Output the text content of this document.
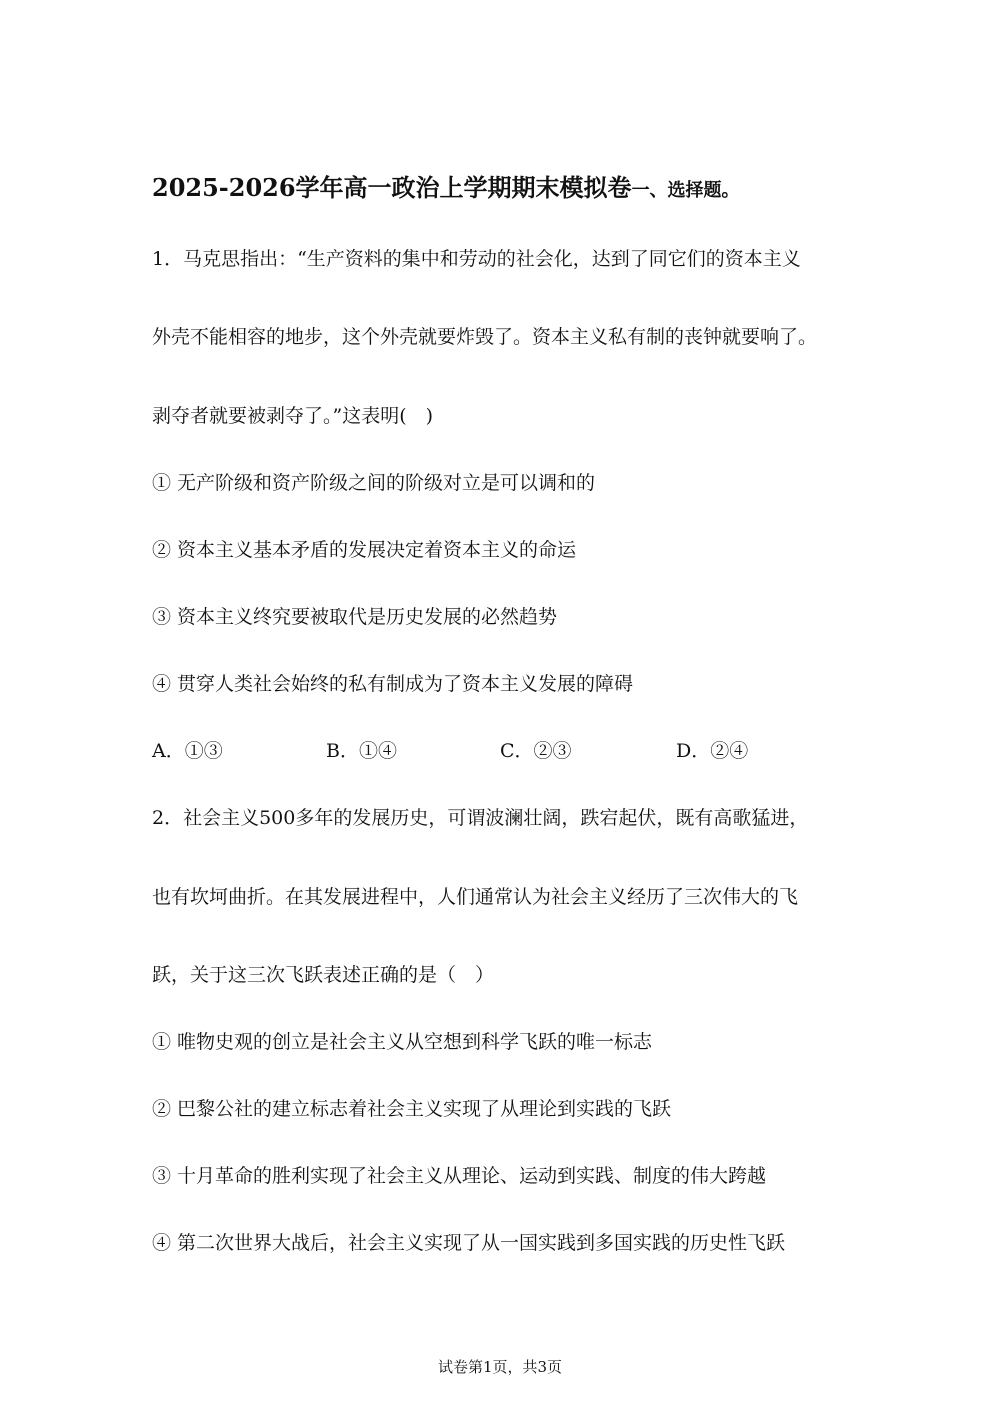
2025-2026学年高一政治上学期期末模拟卷一、选择题。
1．马克思指出：“生产资料的集中和劳动的社会化，达到了同它们的资本主义
外壳不能相容的地步，这个外壳就要炸毁了。资本主义私有制的丧钟就要响了。
剥夺者就要被剥夺了。”这表明(　)
① 无产阶级和资产阶级之间的阶级对立是可以调和的
② 资本主义基本矛盾的发展决定着资本主义的命运
③ 资本主义终究要被取代是历史发展的必然趋势
④ 贯穿人类社会始终的私有制成为了资本主义发展的障碍
A．①③	B．①④	C．②③	D．②④
2．社会主义500多年的发展历史，可谓波澜壮阔，跌宕起伏，既有高歌猛进，
也有坎坷曲折。在其发展进程中，人们通常认为社会主义经历了三次伟大的飞
跃，关于这三次飞跃表述正确的是（　）
① 唯物史观的创立是社会主义从空想到科学飞跃的唯一标志
② 巴黎公社的建立标志着社会主义实现了从理论到实践的飞跃
③ 十月革命的胜利实现了社会主义从理论、运动到实践、制度的伟大跨越
④ 第二次世界大战后，社会主义实现了从一国实践到多国实践的历史性飞跃
试卷第1页，共3页
